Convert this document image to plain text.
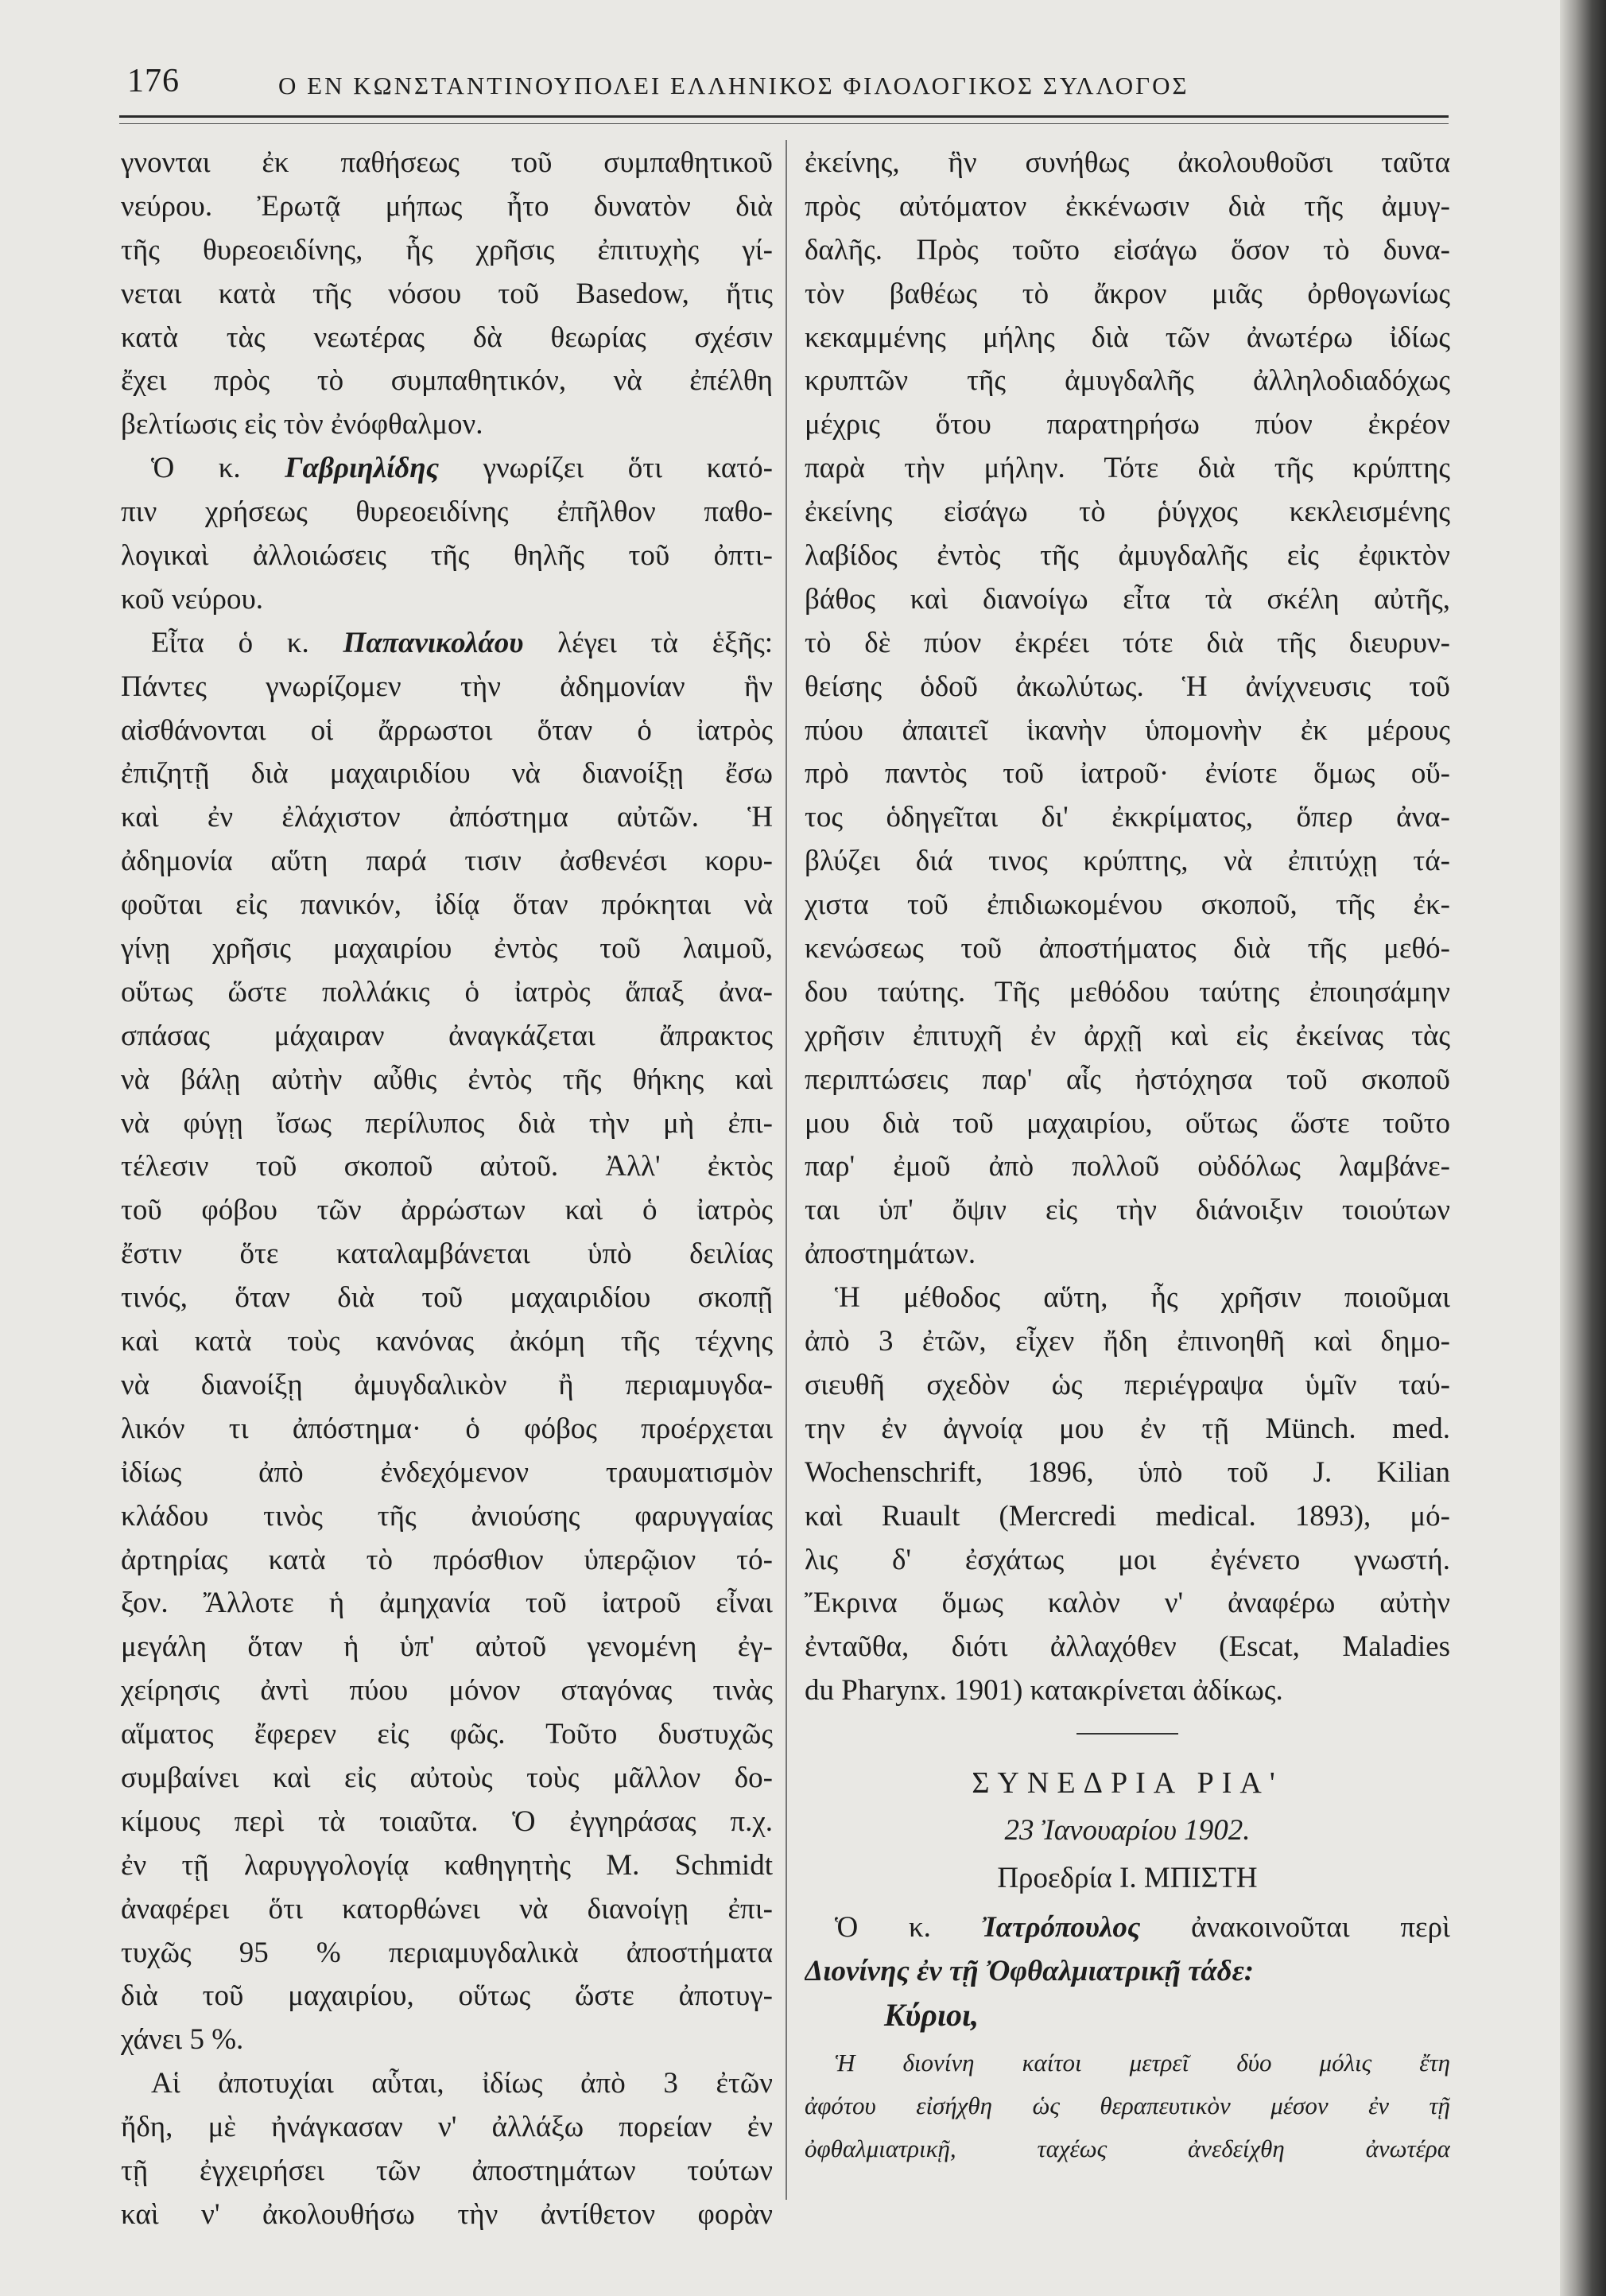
176	Ο ΕΝ ΚΩΝΣΤΑΝΤΙΝΟΥΠΟΛΕΙ ΕΛΛΗΝΙΚΟΣ ΦΙΛΟΛΟΓΙΚΟΣ ΣΥΛΛΟΓΟΣ
γνονται ἐκ παθήσεως τοῦ συμπαθητικοῦ
νεύρου. Ἐρωτᾷ μήπως ἦτο δυνατὸν διὰ
τῆς θυρεοειδίνης, ἧς χρῆσις ἐπιτυχὴς γί-
νεται κατὰ τῆς νόσου τοῦ Basedow, ἥτις
κατὰ τὰς νεωτέρας δὰ θεωρίας σχέσιν
ἔχει πρὸς τὸ συμπαθητικόν, νὰ ἐπέλθη
βελτίωσις εἰς τὸν ἐνόφθαλμον.
Ὁ κ. Γαβριηλίδης γνωρίζει ὅτι κατό-
πιν χρήσεως θυρεοειδίνης ἐπῆλθον παθο-
λογικαὶ ἀλλοιώσεις τῆς θηλῆς τοῦ ὀπτι-
κοῦ νεύρου.
Εἶτα ὁ κ. Παπανικολάου λέγει τὰ ἑξῆς:
Πάντες γνωρίζομεν τὴν ἀδημονίαν ἣν
αἰσθάνονται οἱ ἄρρωστοι ὅταν ὁ ἰατρὸς
ἐπιζητῇ διὰ μαχαιριδίου νὰ διανοίξῃ ἔσω
καὶ ἐν ἐλάχιστον ἀπόστημα αὐτῶν. Ἡ
ἀδημονία αὕτη παρά τισιν ἀσθενέσι κορυ-
φοῦται εἰς πανικόν, ἰδίᾳ ὅταν πρόκηται νὰ
γίνῃ χρῆσις μαχαιρίου ἐντὸς τοῦ λαιμοῦ,
οὕτως ὥστε πολλάκις ὁ ἰατρὸς ἅπαξ ἀνα-
σπάσας μάχαιραν ἀναγκάζεται ἄπρακτος
νὰ βάλῃ αὐτὴν αὖθις ἐντὸς τῆς θήκης καὶ
νὰ φύγῃ ἴσως περίλυπος διὰ τὴν μὴ ἐπι-
τέλεσιν τοῦ σκοποῦ αὐτοῦ. Ἀλλ' ἐκτὸς
τοῦ φόβου τῶν ἀρρώστων καὶ ὁ ἰατρὸς
ἔστιν ὅτε καταλαμβάνεται ὑπὸ δειλίας
τινός, ὅταν διὰ τοῦ μαχαιριδίου σκοπῇ
καὶ κατὰ τοὺς κανόνας ἀκόμη τῆς τέχνης
νὰ διανοίξῃ ἀμυγδαλικὸν ἢ περιαμυγδα-
λικόν τι ἀπόστημα· ὁ φόβος προέρχεται
ἰδίως ἀπὸ ἐνδεχόμενον τραυματισμὸν
κλάδου τινὸς τῆς ἀνιούσης φαρυγγαίας
ἀρτηρίας κατὰ τὸ πρόσθιον ὑπερῷιον τό-
ξον. Ἄλλοτε ἡ ἀμηχανία τοῦ ἰατροῦ εἶναι
μεγάλη ὅταν ἡ ὑπ' αὐτοῦ γενομένη ἐγ-
χείρησις ἀντὶ πύου μόνον σταγόνας τινὰς
αἵματος ἔφερεν εἰς φῶς. Τοῦτο δυστυχῶς
συμβαίνει καὶ εἰς αὐτοὺς τοὺς μᾶλλον δο-
κίμους περὶ τὰ τοιαῦτα. Ὁ ἐγγηράσας π.χ.
ἐν τῇ λαρυγγολογίᾳ καθηγητὴς M. Schmidt
ἀναφέρει ὅτι κατορθώνει νὰ διανοίγῃ ἐπι-
τυχῶς 95 % περιαμυγδαλικὰ ἀποστήματα
διὰ τοῦ μαχαιρίου, οὕτως ὥστε ἀποτυγ-
χάνει 5 %.
Αἱ ἀποτυχίαι αὗται, ἰδίως ἀπὸ 3 ἐτῶν
ἤδη, μὲ ἠνάγκασαν ν' ἀλλάξω πορείαν ἐν
τῇ ἐγχειρήσει τῶν ἀποστημάτων τούτων
καὶ ν' ἀκολουθήσω τὴν ἀντίθετον φορὰν
ἐκείνης, ἣν συνήθως ἀκολουθοῦσι ταῦτα
πρὸς αὐτόματον ἐκκένωσιν διὰ τῆς ἀμυγ-
δαλῆς. Πρὸς τοῦτο εἰσάγω ὅσον τὸ δυνα-
τὸν βαθέως τὸ ἄκρον μιᾶς ὀρθογωνίως
κεκαμμένης μήλης διὰ τῶν ἀνωτέρω ἰδίως
κρυπτῶν τῆς ἀμυγδαλῆς ἀλληλοδιαδόχως
μέχρις ὅτου παρατηρήσω πύον ἐκρέον
παρὰ τὴν μήλην. Τότε διὰ τῆς κρύπτης
ἐκείνης εἰσάγω τὸ ῥύγχος κεκλεισμένης
λαβίδος ἐντὸς τῆς ἀμυγδαλῆς εἰς ἐφικτὸν
βάθος καὶ διανοίγω εἶτα τὰ σκέλη αὐτῆς,
τὸ δὲ πύον ἐκρέει τότε διὰ τῆς διευρυν-
θείσης ὁδοῦ ἀκωλύτως. Ἡ ἀνίχνευσις τοῦ
πύου ἀπαιτεῖ ἱκανὴν ὑπομονὴν ἐκ μέρους
πρὸ παντὸς τοῦ ἰατροῦ· ἐνίοτε ὅμως οὕ-
τος ὁδηγεῖται δι' ἐκκρίματος, ὅπερ ἀνα-
βλύζει διά τινος κρύπτης, νὰ ἐπιτύχῃ τά-
χιστα τοῦ ἐπιδιωκομένου σκοποῦ, τῆς ἐκ-
κενώσεως τοῦ ἀποστήματος διὰ τῆς μεθό-
δου ταύτης. Τῆς μεθόδου ταύτης ἐποιησάμην
χρῆσιν ἐπιτυχῆ ἐν ἀρχῇ καὶ εἰς ἐκείνας τὰς
περιπτώσεις παρ' αἷς ἠστόχησα τοῦ σκοποῦ
μου διὰ τοῦ μαχαιρίου, οὕτως ὥστε τοῦτο
παρ' ἐμοῦ ἀπὸ πολλοῦ οὐδόλως λαμβάνε-
ται ὑπ' ὄψιν εἰς τὴν διάνοιξιν τοιούτων
ἀποστημάτων.
Ἡ μέθοδος αὕτη, ἧς χρῆσιν ποιοῦμαι
ἀπὸ 3 ἐτῶν, εἶχεν ἤδη ἐπινοηθῆ καὶ δημο-
σιευθῆ σχεδὸν ὡς περιέγραψα ὑμῖν ταύ-
την ἐν ἀγνοίᾳ μου ἐν τῇ Münch. med.
Wochenschrift, 1896, ὑπὸ τοῦ J. Kilian
καὶ Ruault (Mercredi medical. 1893), μό-
λις δ' ἐσχάτως μοι ἐγένετο γνωστή.
Ἔκρινα ὅμως καλὸν ν' ἀναφέρω αὐτὴν
ἐνταῦθα, διότι ἀλλαχόθεν (Escat, Maladies
du Pharynx. 1901) κατακρίνεται ἀδίκως.
ΣΥΝΕΔΡΙΑ ΡΙΑ'
23 Ἰανουαρίου 1902.
Προεδρία Ι. ΜΠΙΣΤΗ
Ὁ κ. Ἰατρόπουλος ἀνακοινοῦται περὶ
Διονίνης ἐν τῇ Ὀφθαλμιατρικῇ τάδε:
Κύριοι,
Ἡ διονίνη καίτοι μετρεῖ δύο μόλις ἔτη
ἀφότου εἰσήχθη ὡς θεραπευτικὸν μέσον ἐν τῇ
ὀφθαλμιατρικῇ, ταχέως ἀνεδείχθη ἀνωτέρα
